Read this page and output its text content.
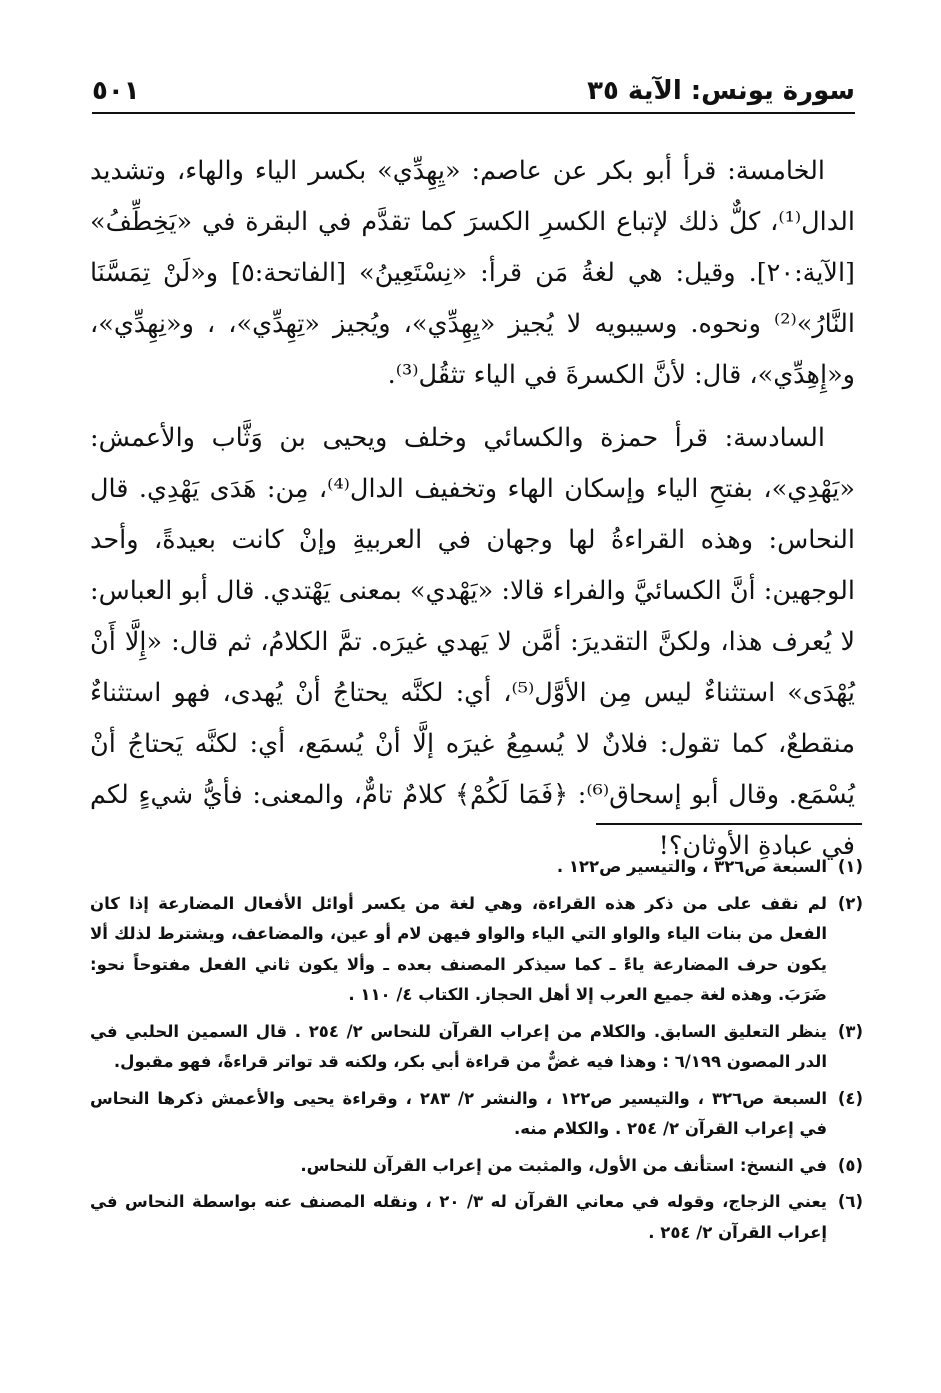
سورة يونس: الآية ٣٥
٥٠١

الخامسة: قرأ أبو بكر عن عاصم: «يِهِدِّي» بكسر الياء والهاء، وتشديد الدال⁽¹⁾، كلٌّ ذلك لإتباع الكسرِ الكسرَ كما تقدَّم في البقرة في «يَخِطِّفُ» [الآية:٢٠]. وقيل: هي لغةُ مَن قرأ: «نِسْتَعِينُ» [الفاتحة:٥] و«لَنْ تِمَسَّنَا النَّارُ»⁽²⁾ ونحوه. وسيبويه لا يُجيز «يِهِدِّي»، ويُجيز «تِهِدِّي»، ، و«نِهِدِّي»، و«إِهِدِّي»، قال: لأنَّ الكسرةَ في الياء تثقُل⁽³⁾.

السادسة: قرأ حمزة والكسائي وخلف ويحيى بن وَثَّاب والأعمش: «يَهْدِي»، بفتحِ الياء وإسكان الهاء وتخفيف الدال⁽⁴⁾، مِن: هَدَى يَهْدِي. قال النحاس: وهذه القراءةُ لها وجهان في العربيةِ وإنْ كانت بعيدةً، وأحد الوجهين: أنَّ الكسائيَّ والفراء قالا: «يَهْدي» بمعنى يَهْتدي. قال أبو العباس: لا يُعرف هذا، ولكنَّ التقديرَ: أمَّن لا يَهدي غيرَه. تمَّ الكلامُ، ثم قال: «إِلَّا أَنْ يُهْدَى» استثناءٌ ليس مِن الأوَّل⁽⁵⁾، أي: لكنَّه يحتاجُ أنْ يُهدى، فهو استثناءٌ منقطعٌ، كما تقول: فلانٌ لا يُسمِعُ غيرَه إلَّا أنْ يُسمَع، أي: لكنَّه يَحتاجُ أنْ يُسْمَع. وقال أبو إسحاق⁽⁶⁾: ﴿فَمَا لَكُمْ﴾ كلامٌ تامٌّ، والمعنى: فأيُّ شيءٍ لكم في عبادةِ الأوثان؟!

(١)
السبعة ص٣٢٦ ، والتيسير ص١٢٢ .
(٢)
لم نقف على من ذكر هذه القراءة، وهي لغة من يكسر أوائل الأفعال المضارعة إذا كان الفعل من بنات الياء والواو التي الياء والواو فيهن لام أو عين، والمضاعف، ويشترط لذلك ألا يكون حرف المضارعة ياءً ـ كما سيذكر المصنف بعده ـ وألا يكون ثاني الفعل مفتوحاً نحو: ضَرَبَ. وهذه لغة جميع العرب إلا أهل الحجاز. الكتاب ٤/ ١١٠ .
(٣)
ينظر التعليق السابق. والكلام من إعراب القرآن للنحاس ٢/ ٢٥٤ . قال السمين الحلبي في الدر المصون ٦/١٩٩ : وهذا فيه غضٌّ من قراءة أبي بكر، ولكنه قد تواتر قراءةً، فهو مقبول.
(٤)
السبعة ص٣٢٦ ، والتيسير ص١٢٢ ، والنشر ٢/ ٢٨٣ ، وقراءة يحيى والأعمش ذكرها النحاس في إعراب القرآن ٢/ ٢٥٤ . والكلام منه.
(٥)
في النسخ: استأنف من الأول، والمثبت من إعراب القرآن للنحاس.
(٦)
يعني الزجاج، وقوله في معاني القرآن له ٣/ ٢٠ ، ونقله المصنف عنه بواسطة النحاس في إعراب القرآن ٢/ ٢٥٤ .
